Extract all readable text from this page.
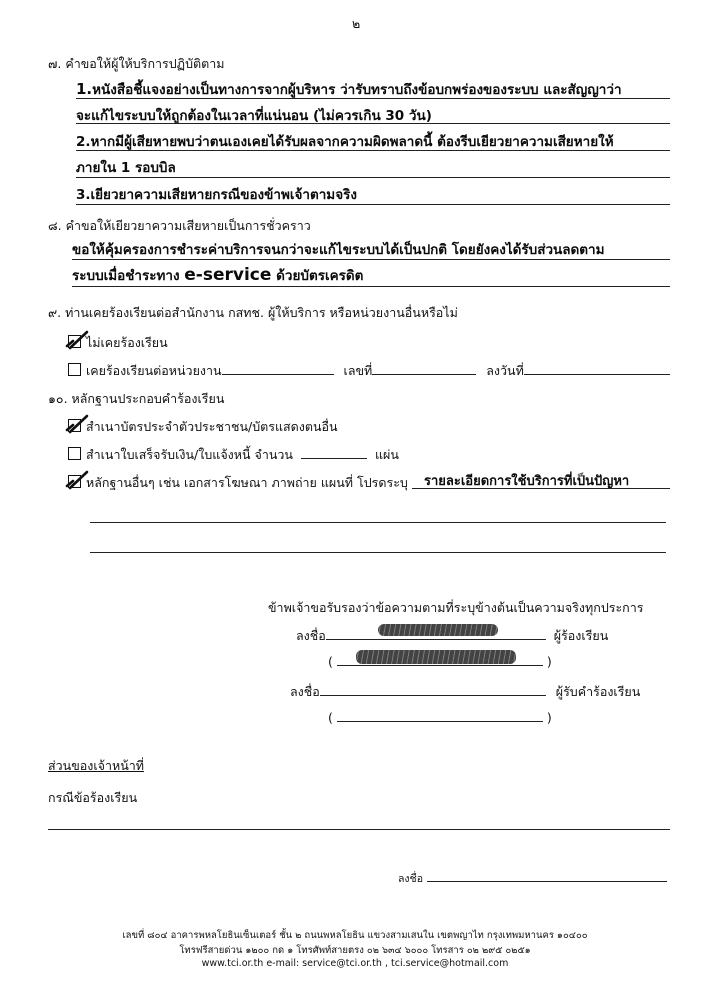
๒
๗. คำขอให้ผู้ให้บริการปฏิบัติตาม
1.หนังสือชี้แจงอย่างเป็นทางการจากผู้บริหาร ว่ารับทราบถึงข้อบกพร่องของระบบ และสัญญาว่า
จะแก้ไขระบบให้ถูกต้องในเวลาที่แน่นอน (ไม่ควรเกิน 30 วัน)
2.หากมีผู้เสียหายพบว่าตนเองเคยได้รับผลจากความผิดพลาดนี้ ต้องรีบเยียวยาความเสียหายให้
ภายใน 1 รอบบิล
3.เยียวยาความเสียหายกรณีของข้าพเจ้าตามจริง
๘. คำขอให้เยียวยาความเสียหายเป็นการชั่วคราว
ขอให้คุ้มครองการชำระค่าบริการจนกว่าจะแก้ไขระบบได้เป็นปกติ โดยยังคงได้รับส่วนลดตาม
ระบบเมื่อชำระทาง e-service ด้วยบัตรเครดิต
๙. ท่านเคยร้องเรียนต่อสำนักงาน กสทช. ผู้ให้บริการ หรือหน่วยงานอื่นหรือไม่
ไม่เคยร้องเรียน
เคยร้องเรียนต่อหน่วยงาน	เลขที่	ลงวันที่
๑๐. หลักฐานประกอบคำร้องเรียน
สำเนาบัตรประจำตัวประชาชน/บัตรแสดงตนอื่น
สำเนาใบเสร็จรับเงิน/ใบแจ้งหนี้ จำนวน	แผ่น
หลักฐานอื่นๆ เช่น เอกสารโฆษณา ภาพถ่าย แผนที่ โปรดระบุ รายละเอียดการใช้บริการที่เป็นปัญหา
ข้าพเจ้าขอรับรองว่าข้อความตามที่ระบุข้างต้นเป็นความจริงทุกประการ
ลงชื่อ	ผู้ร้องเรียน
(	)
ลงชื่อ	ผู้รับคำร้องเรียน
(	)
ส่วนของเจ้าหน้าที่
กรณีข้อร้องเรียน
ลงชื่อ
เลขที่ ๘๐๔ อาคารพหลโยธินเซ็นเตอร์ ชั้น ๒ ถนนพหลโยธิน แขวงสามเสนใน เขตพญาไท กรุงเทพมหานคร ๑๐๔๐๐
โทรฟรีสายด่วน ๑๒๐๐ กด ๑ โทรศัพท์สายตรง ๐๒ ๖๓๔ ๖๐๐๐ โทรสาร ๐๒ ๒๙๕ ๐๒๕๑
www.tci.or.th e-mail: service@tci.or.th , tci.service@hotmail.com
